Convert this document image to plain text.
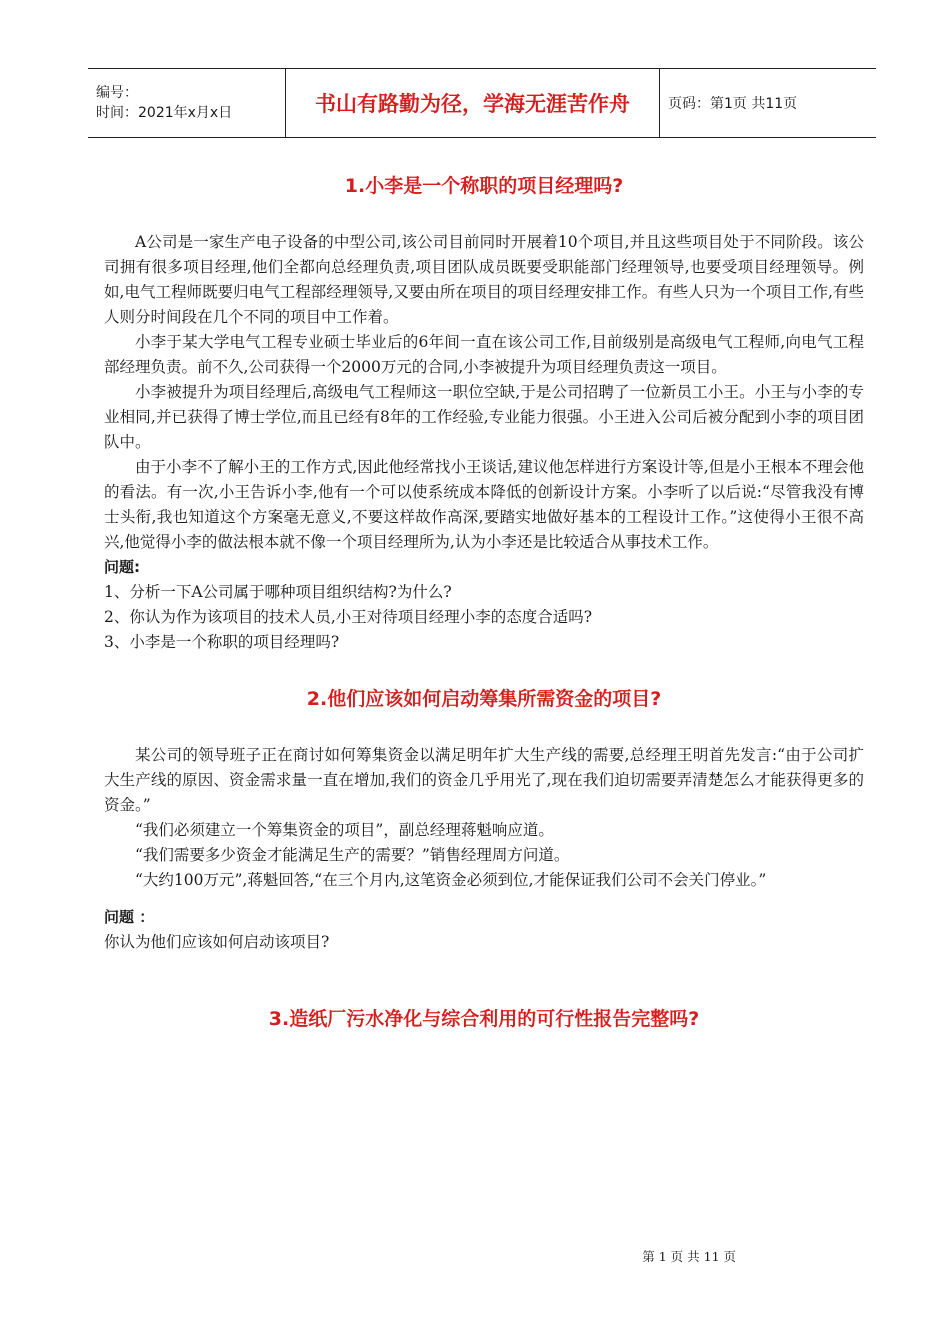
编号：
时间：2021年x月x日	书山有路勤为径，学海无涯苦作舟	页码：第1页 共11页
1.小李是一个称职的项目经理吗?

A公司是一家生产电子设备的中型公司,该公司目前同时开展着10个项目,并且这些项目处于不同阶段。该公司拥有很多项目经理,他们全都向总经理负责,项目团队成员既要受职能部门经理领导,也要受项目经理领导。例如,电气工程师既要归电气工程部经理领导,又要由所在项目的项目经理安排工作。有些人只为一个项目工作,有些人则分时间段在几个不同的项目中工作着。

小李于某大学电气工程专业硕士毕业后的6年间一直在该公司工作,目前级别是高级电气工程师,向电气工程部经理负责。前不久,公司获得一个2000万元的合同,小李被提升为项目经理负责这一项目。

小李被提升为项目经理后,高级电气工程师这一职位空缺,于是公司招聘了一位新员工小王。小王与小李的专业相同,并已获得了博士学位,而且已经有8年的工作经验,专业能力很强。小王进入公司后被分配到小李的项目团队中。

由于小李不了解小王的工作方式,因此他经常找小王谈话,建议他怎样进行方案设计等,但是小王根本不理会他的看法。有一次,小王告诉小李,他有一个可以使系统成本降低的创新设计方案。小李听了以后说:“尽管我没有博士头衔,我也知道这个方案毫无意义,不要这样故作高深,要踏实地做好基本的工程设计工作。”这使得小王很不高兴,他觉得小李的做法根本就不像一个项目经理所为,认为小李还是比较适合从事技术工作。

问题:

1、分析一下A公司属于哪种项目组织结构?为什么?

2、你认为作为该项目的技术人员,小王对待项目经理小李的态度合适吗?

3、小李是一个称职的项目经理吗?

2.他们应该如何启动筹集所需资金的项目?

某公司的领导班子正在商讨如何筹集资金以满足明年扩大生产线的需要,总经理王明首先发言:“由于公司扩大生产线的原因、资金需求量一直在增加,我们的资金几乎用光了,现在我们迫切需要弄清楚怎么才能获得更多的资金。”

“我们必须建立一个筹集资金的项目”，副总经理蒋魁响应道。

“我们需要多少资金才能满足生产的需要？”销售经理周方问道。

“大约100万元”,蒋魁回答,“在三个月内,这笔资金必须到位,才能保证我们公司不会关门停业。”

问题 ：

你认为他们应该如何启动该项目?

3.造纸厂污水净化与综合利用的可行性报告完整吗?
第 1 页 共 11 页
